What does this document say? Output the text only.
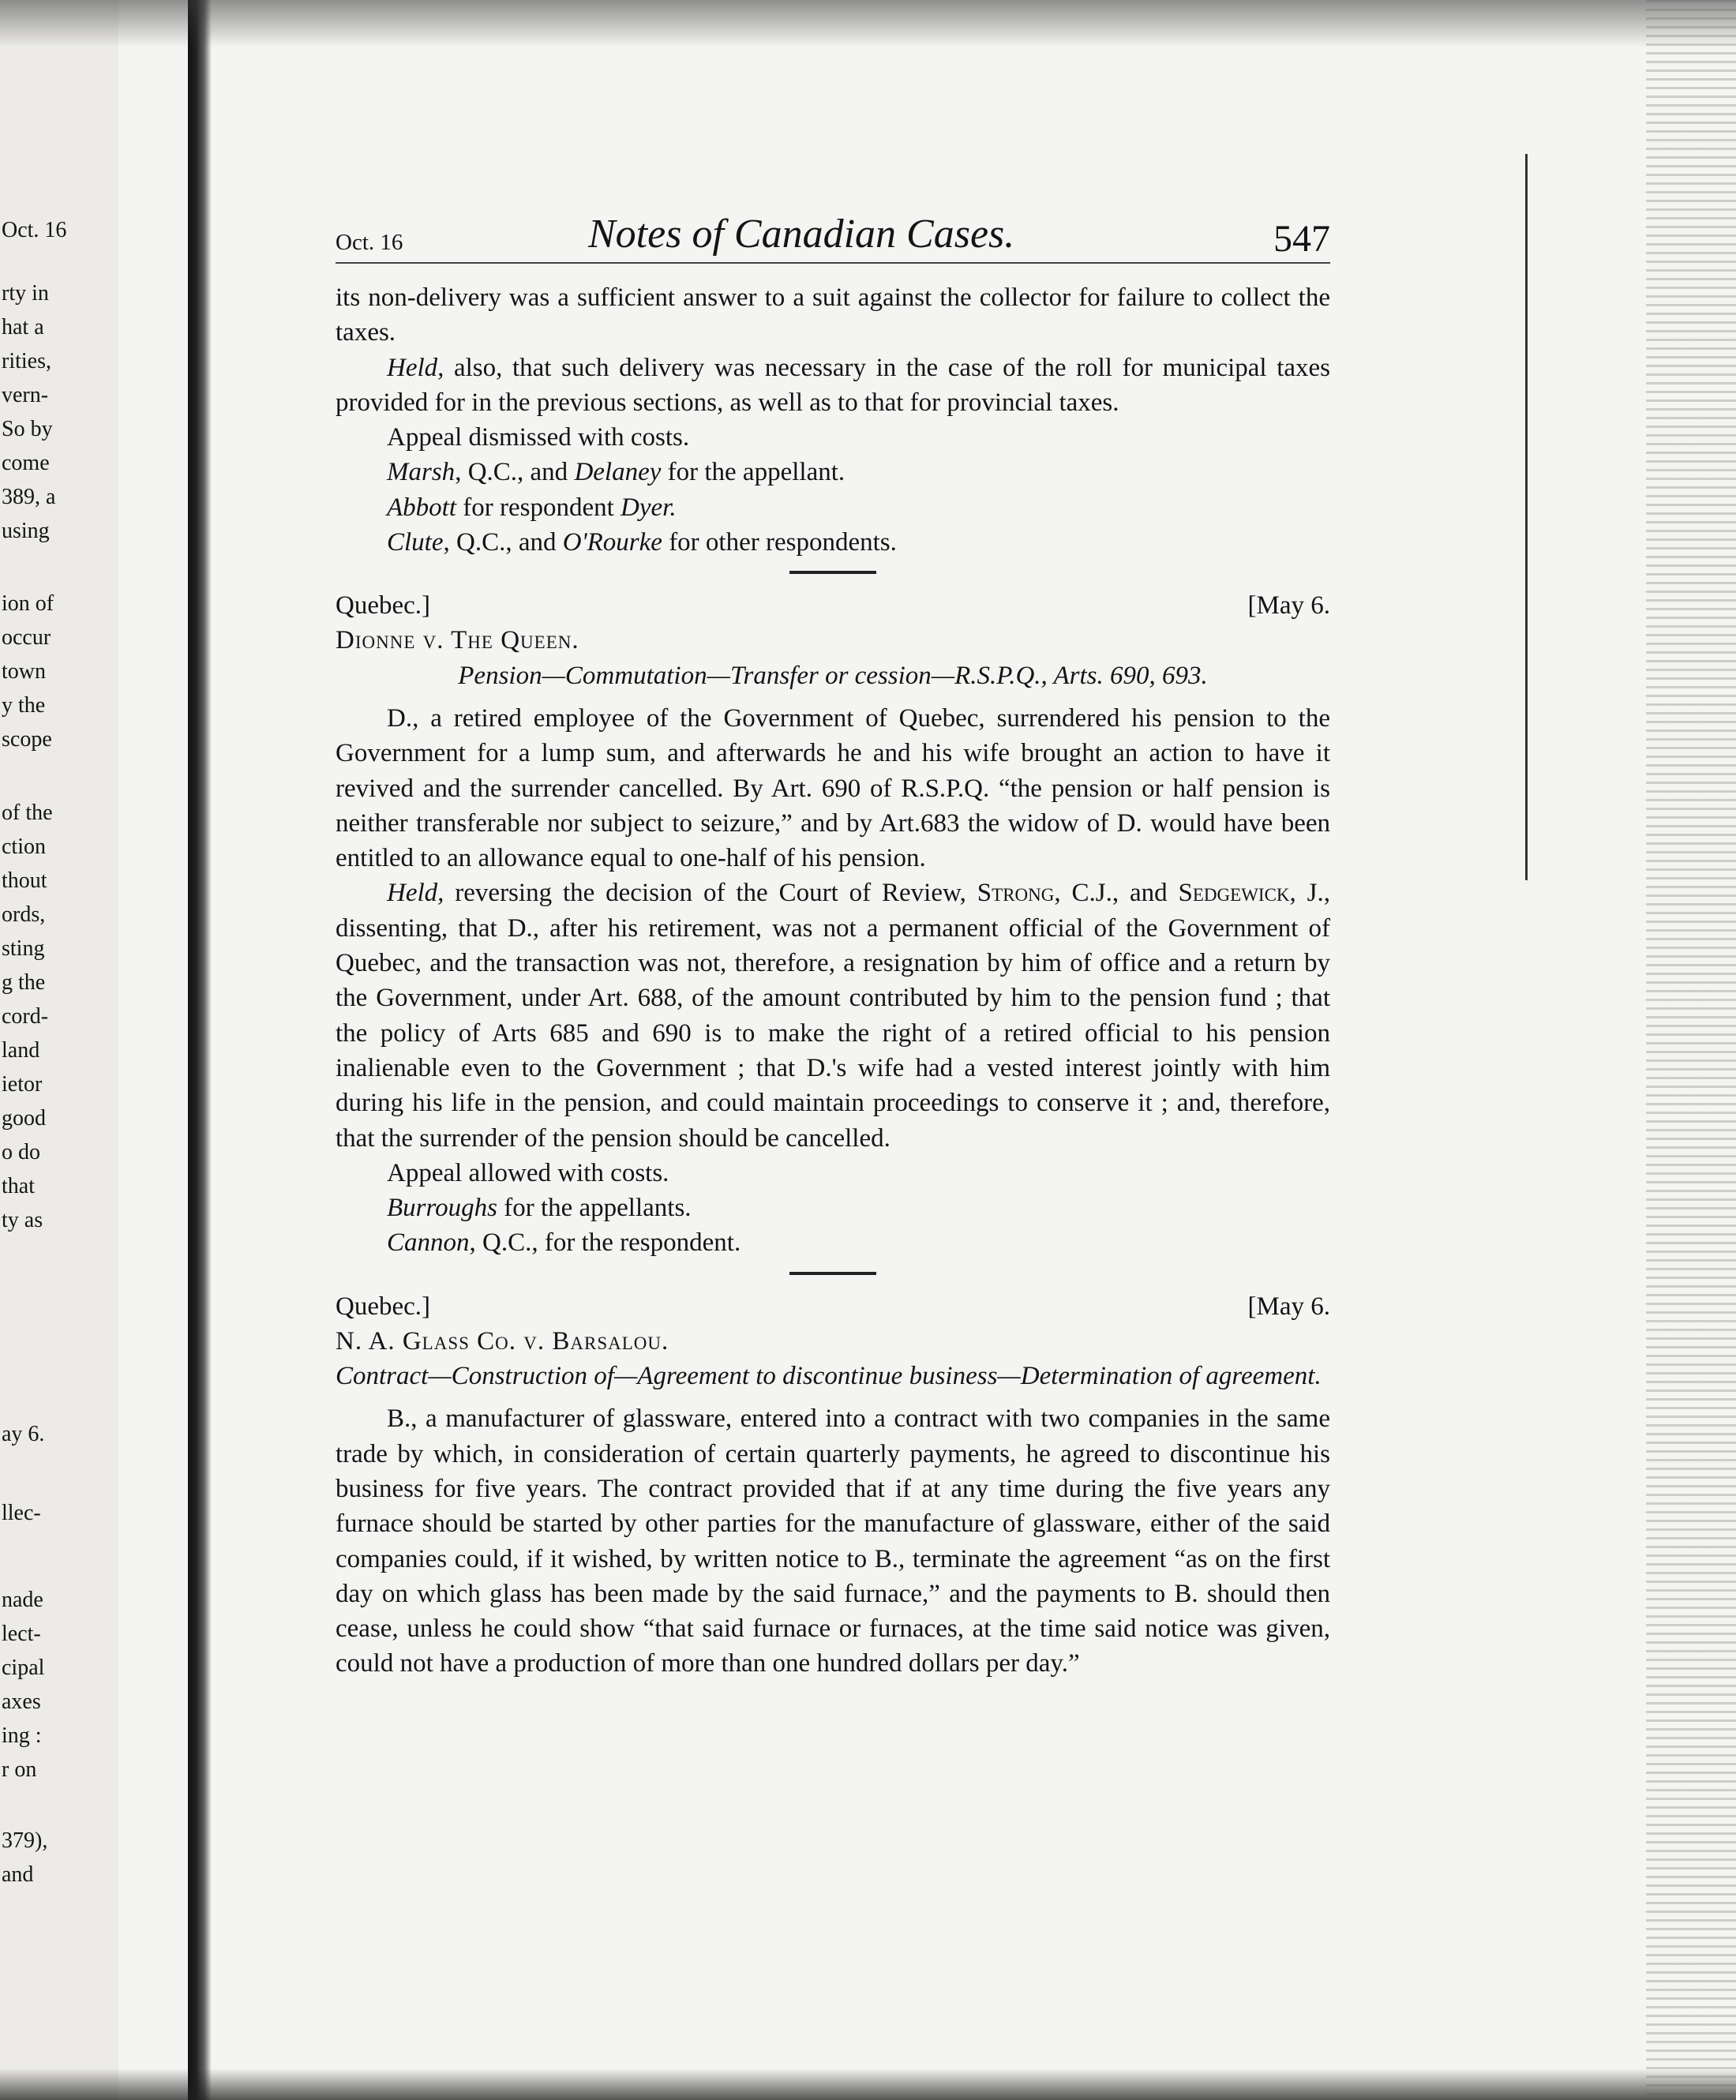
Oct. 16
rty in
hat a
rities,
vern-
So by
come
389, a
using
ion of
occur
town
y the
scope
of the
ction
thout
ords,
sting
g the
cord-
land
ietor
good
o do
that
ty as
ay 6.
llec-
nade
lect-
cipal
axes
ing :
r on
379),
and
Oct. 16	Notes of Canadian Cases.	547

its non-delivery was a sufficient answer to a suit against the collector for failure to collect the taxes.

Held, also, that such delivery was necessary in the case of the roll for municipal taxes provided for in the previous sections, as well as to that for provincial taxes.

Appeal dismissed with costs.

Marsh, Q.C., and Delaney for the appellant.

Abbott for respondent Dyer.

Clute, Q.C., and O'Rourke for other respondents.

Quebec.]	[May 6.

Dionne v. The Queen.

Pension—Commutation—Transfer or cession—R.S.P.Q., Arts. 690, 693.

D., a retired employee of the Government of Quebec, surrendered his pension to the Government for a lump sum, and afterwards he and his wife brought an action to have it revived and the surrender cancelled. By Art. 690 of R.S.P.Q. “the pension or half pension is neither transferable nor subject to seizure,” and by Art.683 the widow of D. would have been entitled to an allowance equal to one-half of his pension.

Held, reversing the decision of the Court of Review, Strong, C.J., and Sedgewick, J., dissenting, that D., after his retirement, was not a permanent official of the Government of Quebec, and the transaction was not, therefore, a resignation by him of office and a return by the Government, under Art. 688, of the amount contributed by him to the pension fund ; that the policy of Arts 685 and 690 is to make the right of a retired official to his pension inalienable even to the Government ; that D.'s wife had a vested interest jointly with him during his life in the pension, and could maintain proceedings to conserve it ; and, therefore, that the surrender of the pension should be cancelled.

Appeal allowed with costs.

Burroughs for the appellants.

Cannon, Q.C., for the respondent.

Quebec.]	[May 6.

N. A. Glass Co. v. Barsalou.

Contract—Construction of—Agreement to discontinue business—Determination of agreement.

B., a manufacturer of glassware, entered into a contract with two companies in the same trade by which, in consideration of certain quarterly payments, he agreed to discontinue his business for five years. The contract provided that if at any time during the five years any furnace should be started by other parties for the manufacture of glassware, either of the said companies could, if it wished, by written notice to B., terminate the agreement “as on the first day on which glass has been made by the said furnace,” and the payments to B. should then cease, unless he could show “that said furnace or furnaces, at the time said notice was given, could not have a production of more than one hundred dollars per day.”
